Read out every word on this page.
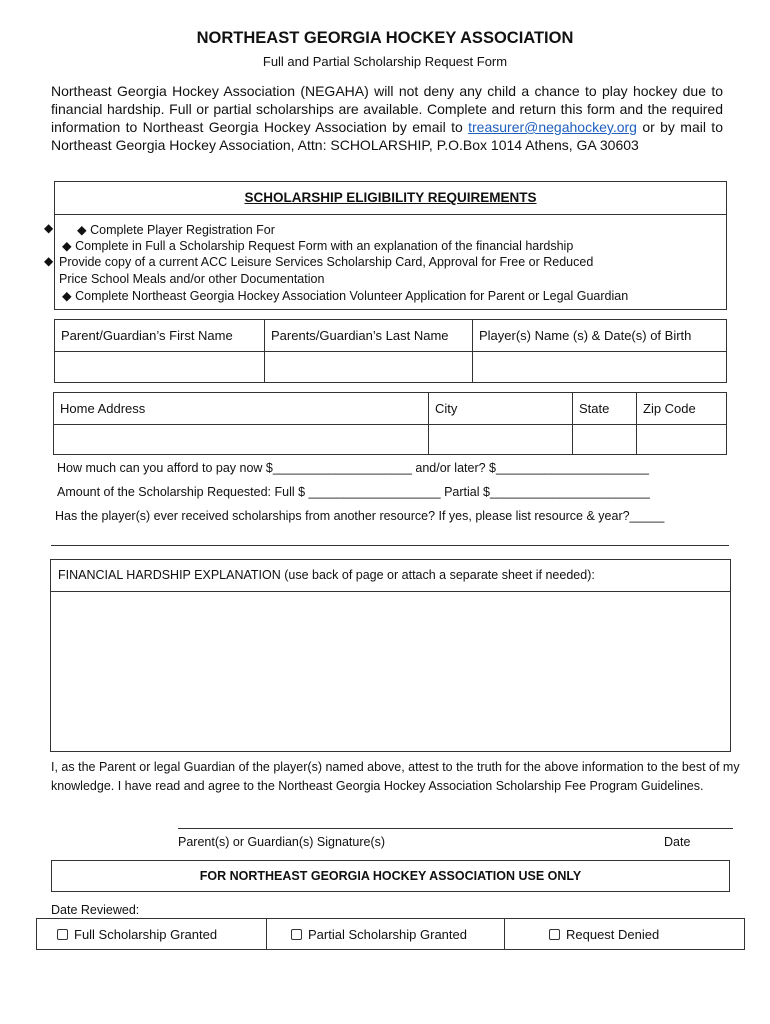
NORTHEAST GEORGIA HOCKEY ASSOCIATION
Full and Partial Scholarship Request Form
Northeast Georgia Hockey Association (NEGAHA) will not deny any child a chance to play hockey due to financial hardship. Full or partial scholarships are available. Complete and return this form and the required information to Northeast Georgia Hockey Association by email to treasurer@negahockey.org or by mail to Northeast Georgia Hockey Association, Attn: SCHOLARSHIP, P.O.Box 1014 Athens, GA 30603
SCHOLARSHIP ELIGIBILITY REQUIREMENTS
◆ Complete Player Registration For
◆ Complete in Full a Scholarship Request Form with an explanation of the financial hardship
Provide copy of a current ACC Leisure Services Scholarship Card, Approval for Free or Reduced
Price School Meals and/or other Documentation
◆ Complete Northeast Georgia Hockey Association Volunteer Application for Parent or Legal Guardian
◆
◆
Parent/Guardian’s First Name	Parents/Guardian’s Last Name	Player(s) Name (s) & Date(s) of Birth

Home Address	City	State	Zip Code

How much can you afford to pay now $____________________ and/or later? $______________________
Amount of the Scholarship Requested: Full $ ___________________ Partial $_______________________
Has the player(s) ever received scholarships from another resource? If yes, please list resource & year?_____
FINANCIAL HARDSHIP EXPLANATION (use back of page or attach a separate sheet if needed):
I, as the Parent or legal Guardian of the player(s) named above, attest to the truth for the above information to the best of my knowledge. I have read and agree to the Northeast Georgia Hockey Association Scholarship Fee Program Guidelines.
Parent(s) or Guardian(s) Signature(s)	Date
FOR NORTHEAST GEORGIA HOCKEY ASSOCIATION USE ONLY
Date Reviewed:
Full Scholarship Granted	Partial Scholarship Granted	Request Denied
